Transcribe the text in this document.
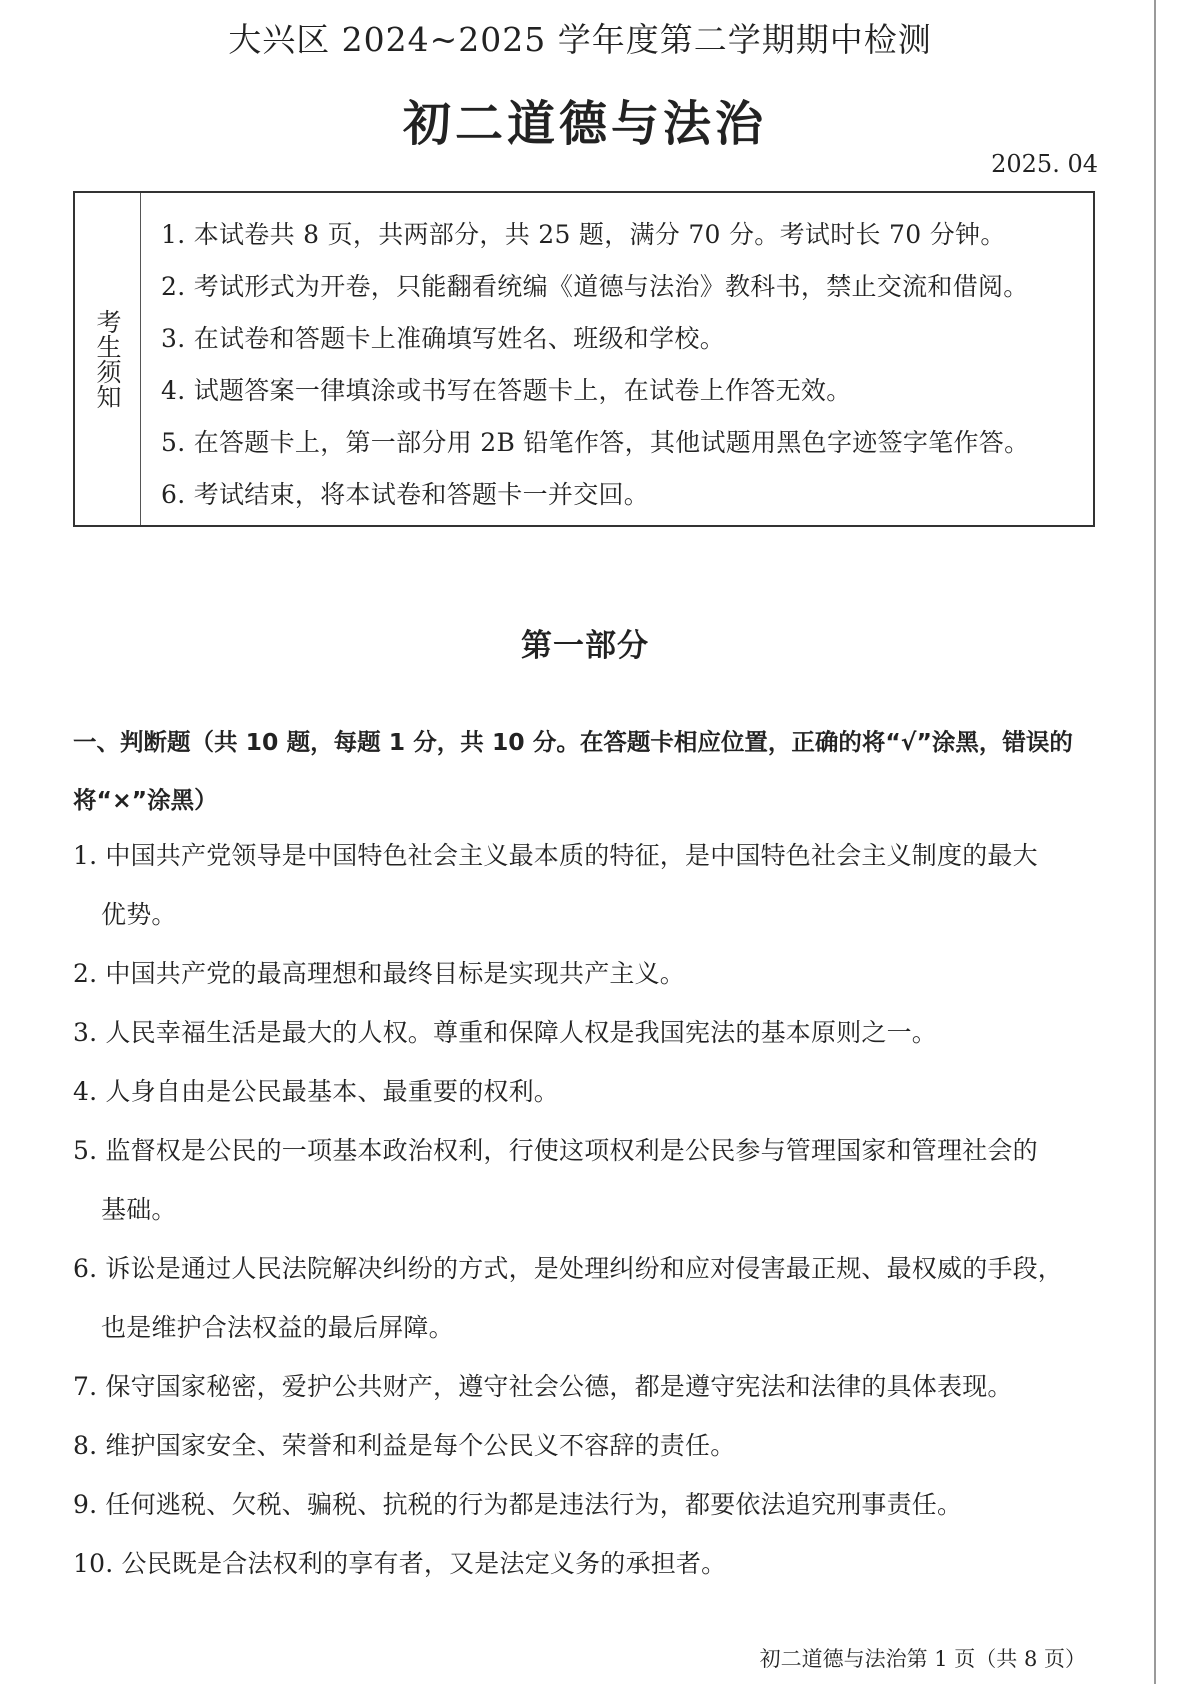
大兴区 2024~2025 学年度第二学期期中检测
初二道德与法治
2025. 04
考生须知
1. 本试卷共 8 页，共两部分，共 25 题，满分 70 分。考试时长 70 分钟。
2. 考试形式为开卷，只能翻看统编《道德与法治》教科书，禁止交流和借阅。
3. 在试卷和答题卡上准确填写姓名、班级和学校。
4. 试题答案一律填涂或书写在答题卡上，在试卷上作答无效。
5. 在答题卡上，第一部分用 2B 铅笔作答，其他试题用黑色字迹签字笔作答。
6. 考试结束，将本试卷和答题卡一并交回。
第一部分
一、判断题（共 10 题，每题 1 分，共 10 分。在答题卡相应位置，正确的将“√”涂黑，错误的将“×”涂黑）
1. 中国共产党领导是中国特色社会主义最本质的特征，是中国特色社会主义制度的最大
优势。
2. 中国共产党的最高理想和最终目标是实现共产主义。
3. 人民幸福生活是最大的人权。尊重和保障人权是我国宪法的基本原则之一。
4. 人身自由是公民最基本、最重要的权利。
5. 监督权是公民的一项基本政治权利，行使这项权利是公民参与管理国家和管理社会的
基础。
6. 诉讼是通过人民法院解决纠纷的方式，是处理纠纷和应对侵害最正规、最权威的手段，
也是维护合法权益的最后屏障。
7. 保守国家秘密，爱护公共财产，遵守社会公德，都是遵守宪法和法律的具体表现。
8. 维护国家安全、荣誉和利益是每个公民义不容辞的责任。
9. 任何逃税、欠税、骗税、抗税的行为都是违法行为，都要依法追究刑事责任。
10. 公民既是合法权利的享有者，又是法定义务的承担者。
初二道德与法治第 1 页（共 8 页）
